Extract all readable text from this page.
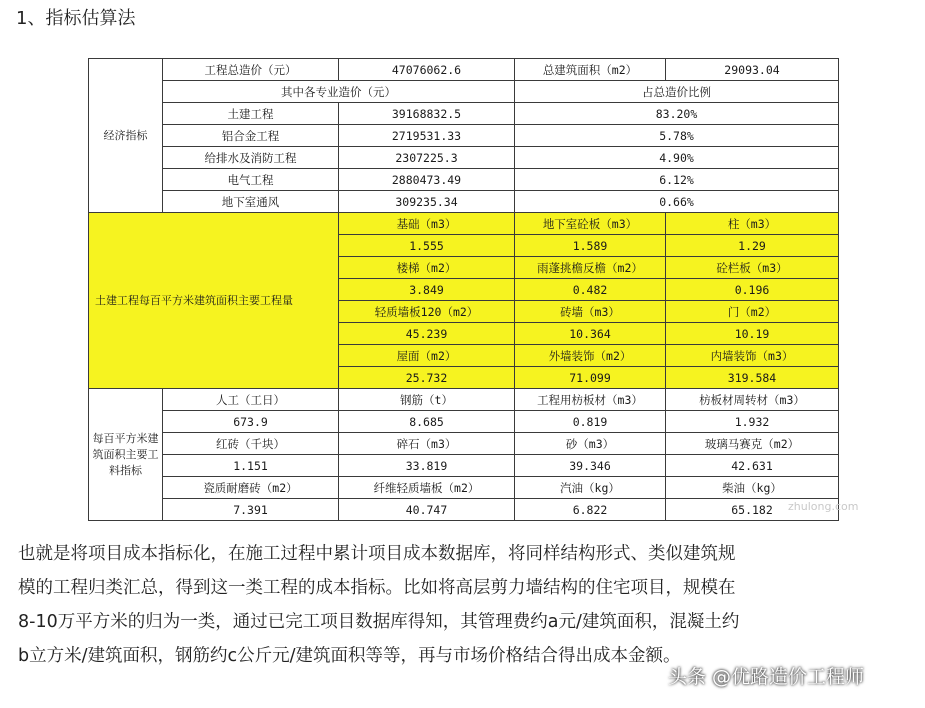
1、指标估算法
经济指标	工程总造价（元）	47076062.6	总建筑面积（m2）	29093.04
	其中各专业造价（元）		占总造价比例	
	土建工程	39168832.5	83.20%	
	铝合金工程	2719531.33	5.78%	
	给排水及消防工程	2307225.3	4.90%	
	电气工程	2880473.49	6.12%	
	地下室通风	309235.34	0.66%	
土建工程每百平方米建筑面积主要工程量		基础（m3）	地下室砼板（m3）	柱（m3）
		1.555	1.589	1.29
		楼梯（m2）	雨蓬挑檐反檐（m2）	砼栏板（m3）
		3.849	0.482	0.196
		轻质墙板120（m2）	砖墙（m3）	门（m2）
		45.239	10.364	10.19
		屋面（m2）	外墙装饰（m2）	内墙装饰（m3）
		25.732	71.099	319.584
每百平方米建筑面积主要工料指标	人工（工日）	钢筋（t）	工程用枋板材（m3）	枋板材周转材（m3）
	673.9	8.685	0.819	1.932
	红砖（千块）	碎石（m3）	砂（m3）	玻璃马赛克（m2）
	1.151	33.819	39.346	42.631
	瓷质耐磨砖（m2）	纤维轻质墙板（m2）	汽油（kg）	柴油（kg）
	7.391	40.747	6.822	65.182 zhulong.com
也就是将项目成本指标化，在施工过程中累计项目成本数据库，将同样结构形式、类似建筑规
模的工程归类汇总，得到这一类工程的成本指标。比如将高层剪力墙结构的住宅项目，规模在
8-10万平方米的归为一类，通过已完工项目数据库得知，其管理费约a元/建筑面积，混凝土约
b立方米/建筑面积，钢筋约c公斤元/建筑面积等等，再与市场价格结合得出成本金额。
头条 @优路造价工程师
